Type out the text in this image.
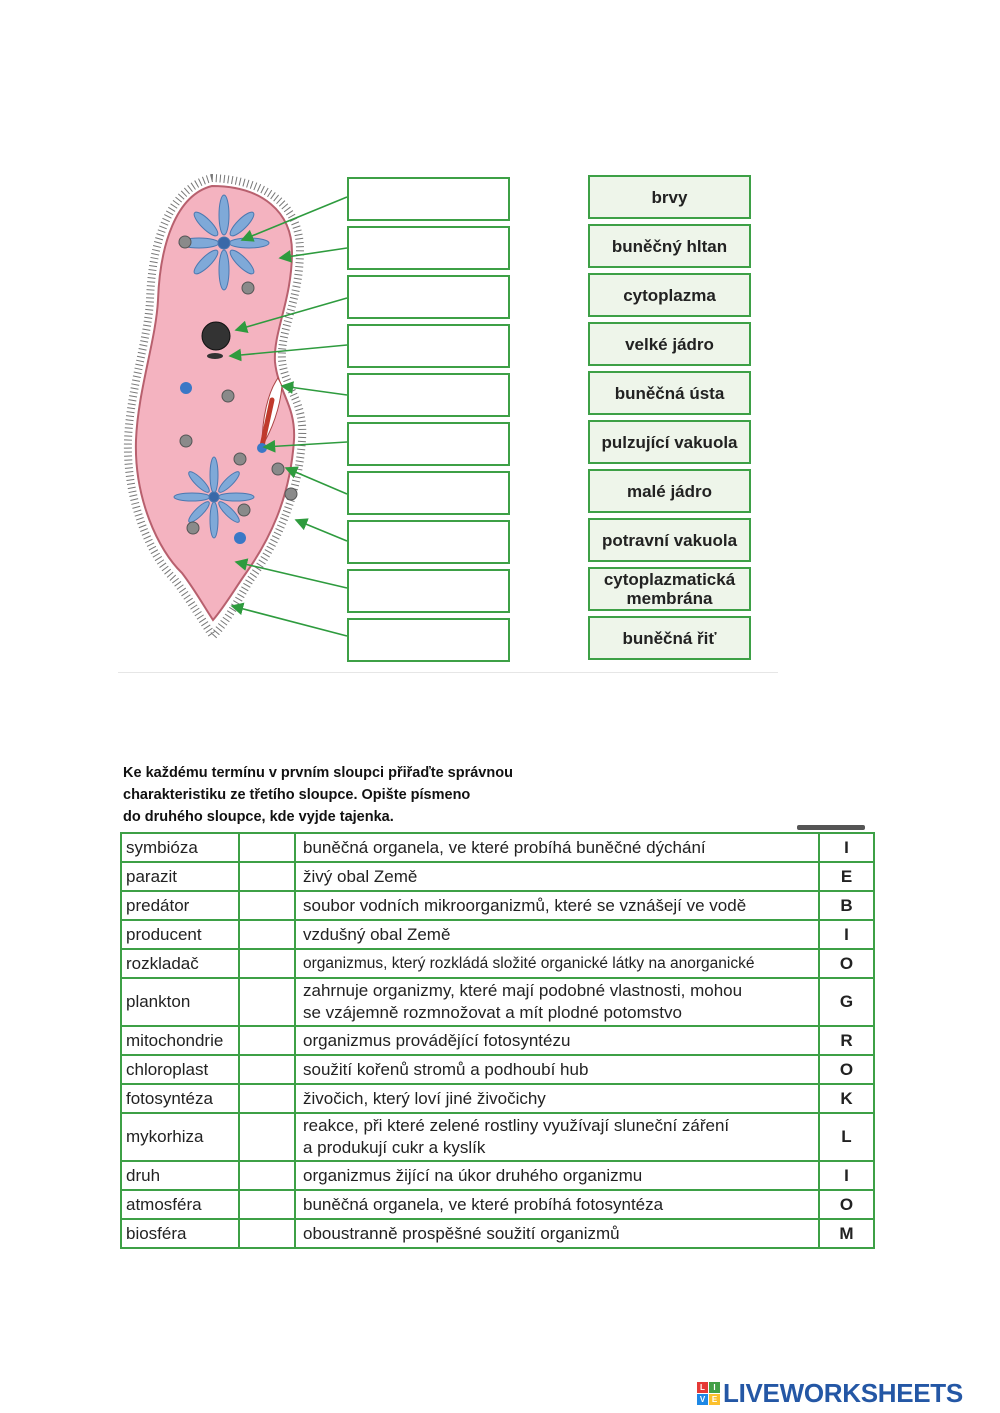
brvy
buněčný hltan
cytoplazma
velké jádro
buněčná ústa
pulzující vakuola
malé jádro
potravní vakuola
cytoplazmatická membrána
buněčná řiť
Ke každému termínu v prvním sloupci přiřaďte správnou
charakteristiku ze třetího sloupce. Opište písmeno
do druhého sloupce, kde vyjde tajenka.
symbióza		buněčná organela, ve které probíhá buněčné dýchání	I
parazit		živý obal Země	E
predátor		soubor vodních mikroorganizmů, které se vznášejí ve vodě	B
producent		vzdušný obal Země	I
rozkladač		organizmus, který rozkládá složité organické látky na anorganické	O
plankton		zahrnuje organizmy, které mají podobné vlastnosti, mohou
se vzájemně rozmnožovat a mít plodné potomstvo	G
mitochondrie		organizmus provádějící fotosyntézu	R
chloroplast		soužití kořenů stromů a podhoubí hub	O
fotosyntéza		živočich, který loví jiné živočichy	K
mykorhiza		reakce, při které zelené rostliny využívají sluneční záření
a produkují cukr a kyslík	L
druh		organizmus žijící na úkor druhého organizmu	I
atmosféra		buněčná organela, ve které probíhá fotosyntéza	O
biosféra		oboustranně prospěšné soužití organizmů	M
L	I
V E LIVEWORKSHEETS
